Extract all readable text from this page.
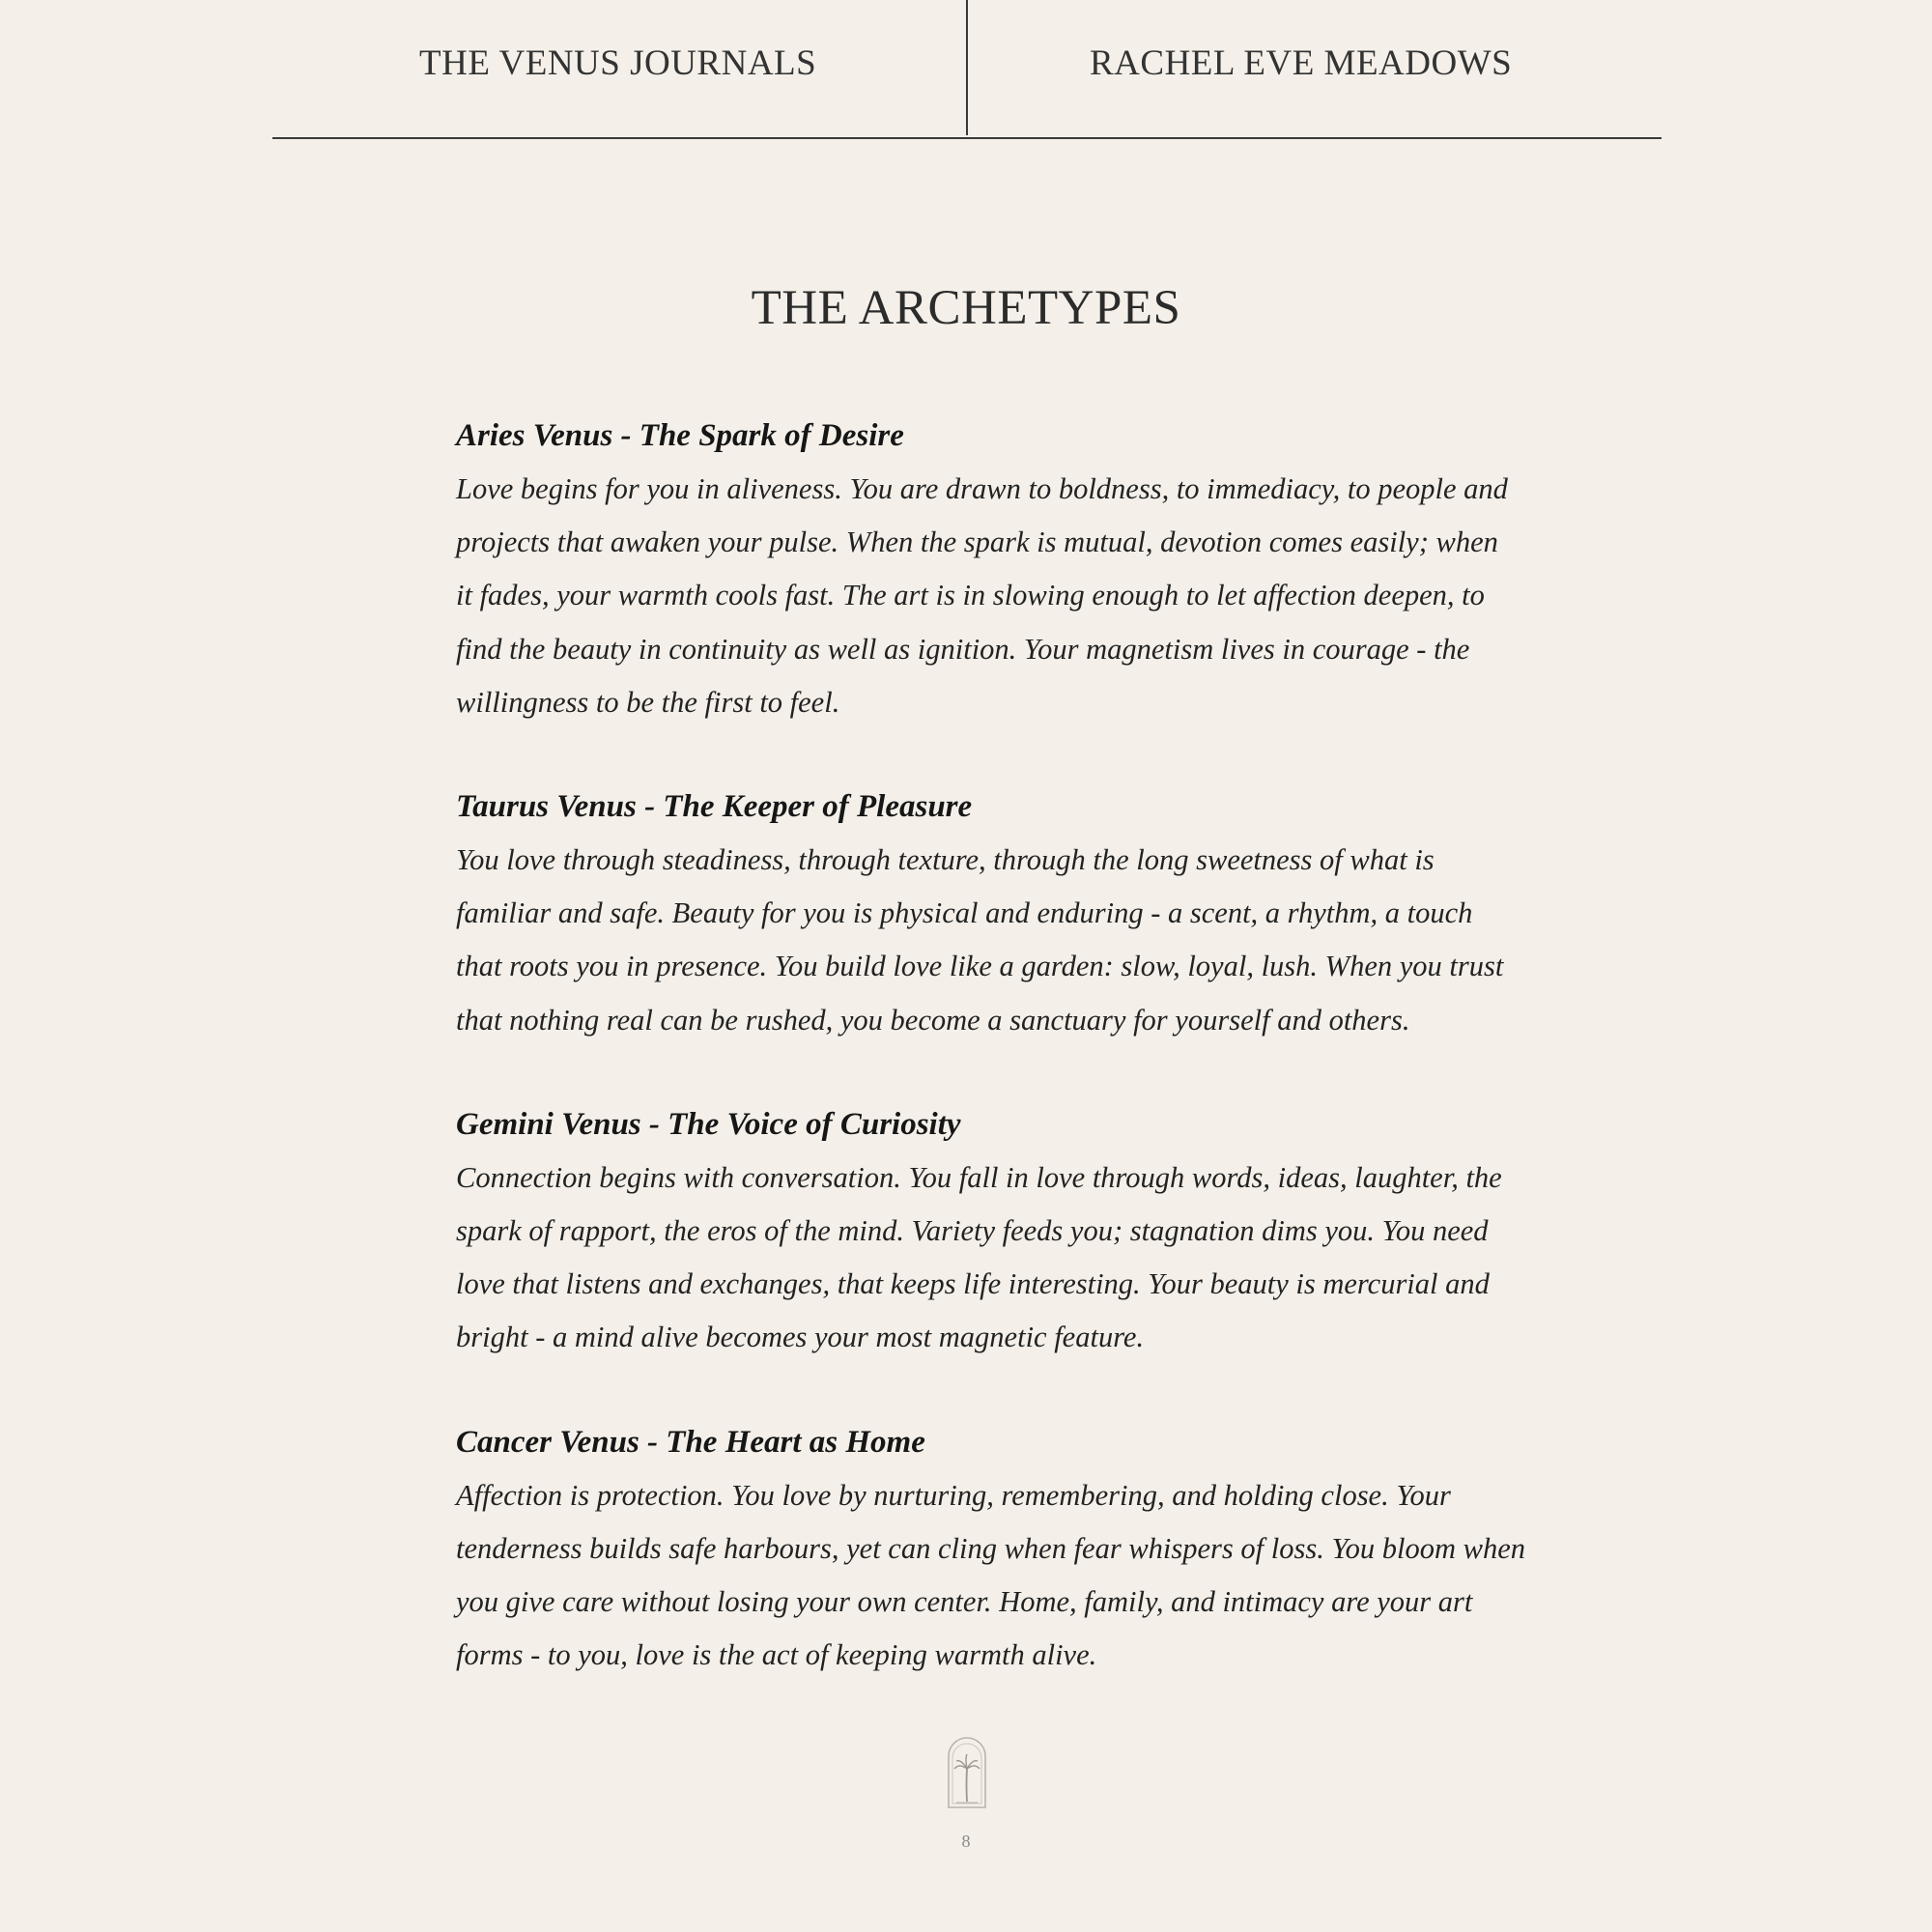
THE VENUS JOURNALS	RACHEL EVE MEADOWS
THE ARCHETYPES
Aries Venus - The Spark of Desire
Love begins for you in aliveness. You are drawn to boldness, to immediacy, to people and
projects that awaken your pulse. When the spark is mutual, devotion comes easily; when
it fades, your warmth cools fast. The art is in slowing enough to let affection deepen, to
find the beauty in continuity as well as ignition. Your magnetism lives in courage - the
willingness to be the first to feel.
Taurus Venus - The Keeper of Pleasure
You love through steadiness, through texture, through the long sweetness of what is
familiar and safe. Beauty for you is physical and enduring - a scent, a rhythm, a touch
that roots you in presence. You build love like a garden: slow, loyal, lush. When you trust
that nothing real can be rushed, you become a sanctuary for yourself and others.
Gemini Venus - The Voice of Curiosity
Connection begins with conversation. You fall in love through words, ideas, laughter, the
spark of rapport, the eros of the mind. Variety feeds you; stagnation dims you. You need
love that listens and exchanges, that keeps life interesting. Your beauty is mercurial and
bright - a mind alive becomes your most magnetic feature.
Cancer Venus - The Heart as Home
Affection is protection. You love by nurturing, remembering, and holding close. Your
tenderness builds safe harbours, yet can cling when fear whispers of loss. You bloom when
you give care without losing your own center. Home, family, and intimacy are your art
forms - to you, love is the act of keeping warmth alive.
8
